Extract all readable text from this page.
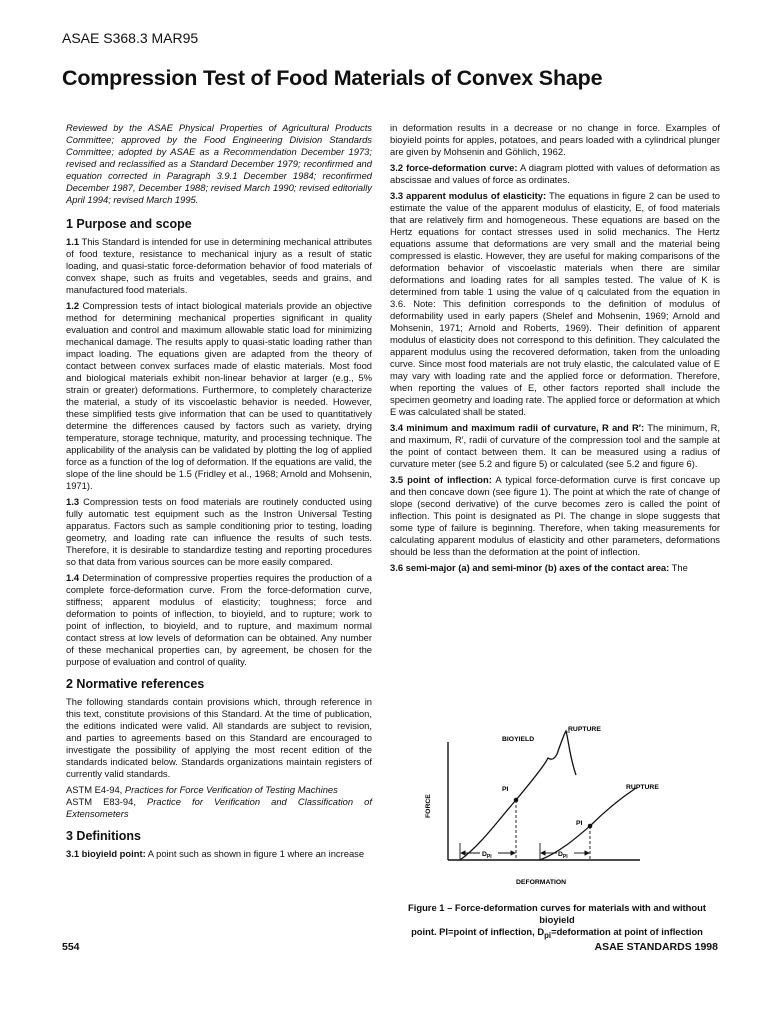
ASAE S368.3 MAR95
Compression Test of Food Materials of Convex Shape

Reviewed by the ASAE Physical Properties of Agricultural Products Committee; approved by the Food Engineering Division Standards Committee; adopted by ASAE as a Recommendation December 1973; revised and reclassified as a Standard December 1979; reconfirmed and equation corrected in Paragraph 3.9.1 December 1984; reconfirmed December 1987, December 1988; revised March 1990; revised editorially April 1994; revised March 1995.

1 Purpose and scope

1.1 This Standard is intended for use in determining mechanical attributes of food texture, resistance to mechanical injury as a result of static loading, and quasi-static force-deformation behavior of food materials of convex shape, such as fruits and vegetables, seeds and grains, and manufactured food materials.

1.2 Compression tests of intact biological materials provide an objective method for determining mechanical properties significant in quality evaluation and control and maximum allowable static load for minimizing mechanical damage. The results apply to quasi-static loading rather than impact loading. The equations given are adapted from the theory of contact between convex surfaces made of elastic materials. Most food and biological materials exhibit non-linear behavior at larger (e.g., 5% strain or greater) deformations. Furthermore, to completely characterize the material, a study of its viscoelastic behavior is needed. However, these simplified tests give information that can be used to quantitatively determine the differences caused by factors such as variety, drying temperature, storage technique, maturity, and processing technique. The applicability of the analysis can be validated by plotting the log of applied force as a function of the log of deformation. If the equations are valid, the slope of the line should be 1.5 (Fridley et al., 1968; Arnold and Mohsenin, 1971).

1.3 Compression tests on food materials are routinely conducted using fully automatic test equipment such as the Instron Universal Testing apparatus. Factors such as sample conditioning prior to testing, loading geometry, and loading rate can influence the results of such tests. Therefore, it is desirable to standardize testing and reporting procedures so that data from various sources can be more easily compared.

1.4 Determination of compressive properties requires the production of a complete force-deformation curve. From the force-deformation curve, stiffness; apparent modulus of elasticity; toughness; force and deformation to points of inflection, to bioyield, and to rupture; work to point of inflection, to bioyield, and to rupture, and maximum normal contact stress at low levels of deformation can be obtained. Any number of these mechanical properties can, by agreement, be chosen for the purpose of evaluation and control of quality.

2 Normative references

The following standards contain provisions which, through reference in this text, constitute provisions of this Standard. At the time of publication, the editions indicated were valid. All standards are subject to revision, and parties to agreements based on this Standard are encouraged to investigate the possibility of applying the most recent edition of the standards indicated below. Standards organizations maintain registers of currently valid standards.

ASTM E4-94, Practices for Force Verification of Testing Machines

ASTM E83-94, Practice for Verification and Classification of Extensometers

3 Definitions

3.1 bioyield point: A point such as shown in figure 1 where an increase

in deformation results in a decrease or no change in force. Examples of bioyield points for apples, potatoes, and pears loaded with a cylindrical plunger are given by Mohsenin and Göhlich, 1962.

3.2 force-deformation curve: A diagram plotted with values of deformation as abscissae and values of force as ordinates.

3.3 apparent modulus of elasticity: The equations in figure 2 can be used to estimate the value of the apparent modulus of elasticity, E, of food materials that are relatively firm and homogeneous. These equations are based on the Hertz equations for contact stresses used in solid mechanics. The Hertz equations assume that deformations are very small and the material being compressed is elastic. However, they are useful for making comparisons of the deformation behavior of viscoelastic materials when there are similar deformations and loading rates for all samples tested. The value of K is determined from table 1 using the value of q calculated from the equation in 3.6. Note: This definition corresponds to the definition of modulus of deformability used in early papers (Shelef and Mohsenin, 1969; Arnold and Mohsenin, 1971; Arnold and Roberts, 1969). Their definition of apparent modulus of elasticity does not correspond to this definition. They calculated the apparent modulus using the recovered deformation, taken from the unloading curve. Since most food materials are not truly elastic, the calculated value of E may vary with loading rate and the applied force or deformation. Therefore, when reporting the values of E, other factors reported shall include the specimen geometry and loading rate. The applied force or deformation at which E was calculated shall be stated.

3.4 minimum and maximum radii of curvature, R and R′: The minimum, R, and maximum, R′, radii of curvature of the compression tool and the sample at the point of contact between them. It can be measured using a radius of curvature meter (see 5.2 and figure 5) or calculated (see 5.2 and figure 6).

3.5 point of inflection: A typical force-deformation curve is first concave up and then concave down (see figure 1). The point at which the rate of change of slope (second derivative) of the curve becomes zero is called the point of inflection. This point is designated as PI. The change in slope suggests that some type of failure is beginning. Therefore, when taking measurements for calculating apparent modulus of elasticity and other parameters, deformations should be less than the deformation at the point of inflection.

3.6 semi-major (a) and semi-minor (b) axes of the contact area: The

RUPTURE
BIOYIELD
RUPTURE
PI
PI
$D_{PI}$	$D_{PI}$
FORCE
DEFORMATION
Figure 1 – Force-deformation curves for materials with and without bioyield
point. PI=point of inflection, $D_{pi}=deformation$ at point of inflection
554	ASAE STANDARDS 1998
